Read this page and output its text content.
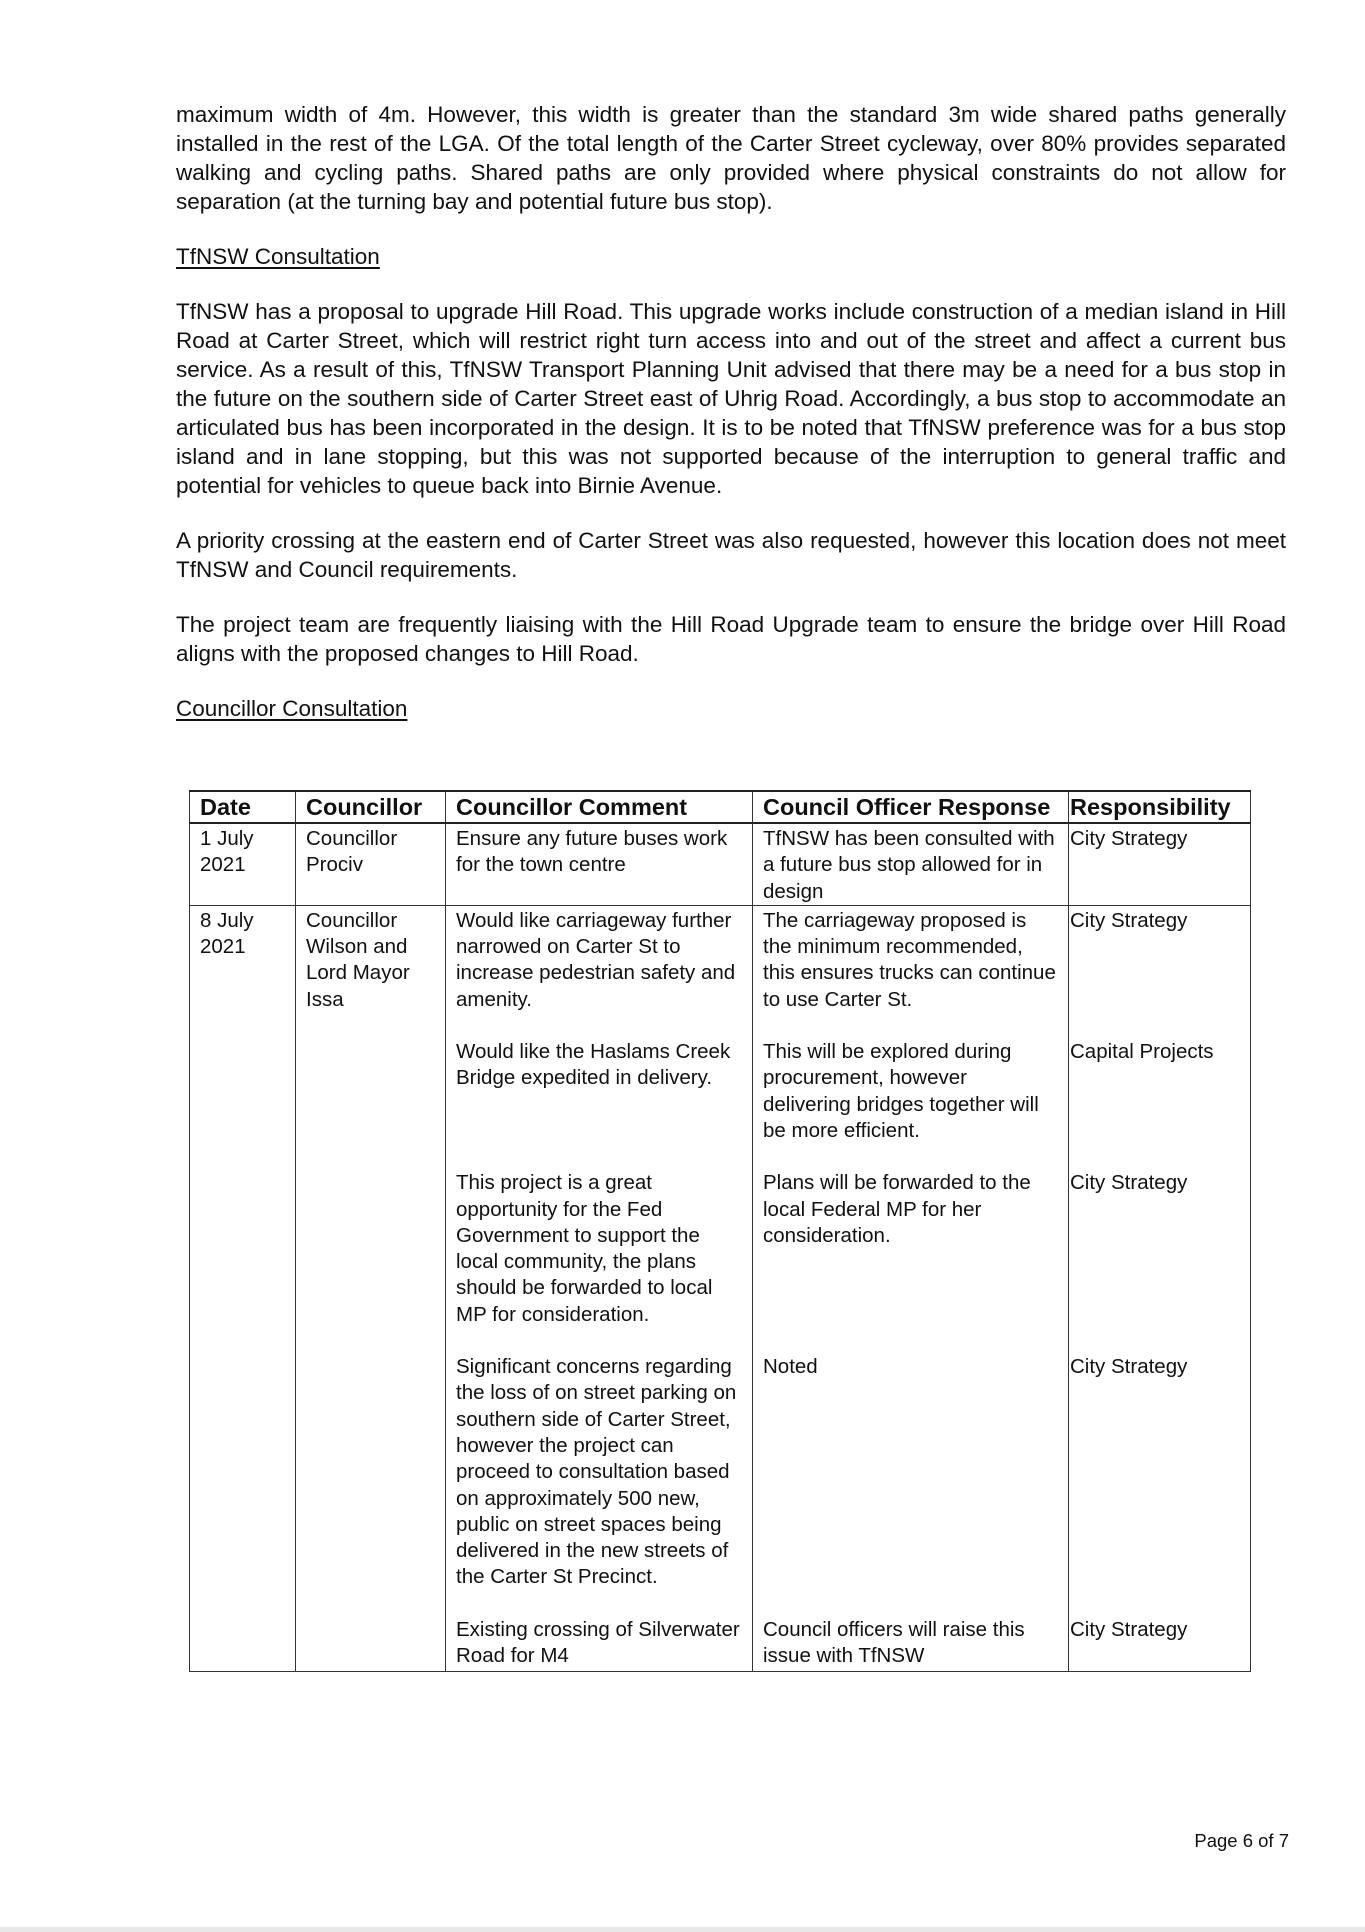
maximum width of 4m. However, this width is greater than the standard 3m wide shared paths generally installed in the rest of the LGA. Of the total length of the Carter Street cycleway, over 80% provides separated walking and cycling paths. Shared paths are only provided where physical constraints do not allow for separation (at the turning bay and potential future bus stop).

TfNSW Consultation

TfNSW has a proposal to upgrade Hill Road. This upgrade works include construction of a median island in Hill Road at Carter Street, which will restrict right turn access into and out of the street and affect a current bus service. As a result of this, TfNSW Transport Planning Unit advised that there may be a need for a bus stop in the future on the southern side of Carter Street east of Uhrig Road. Accordingly, a bus stop to accommodate an articulated bus has been incorporated in the design. It is to be noted that TfNSW preference was for a bus stop island and in lane stopping, but this was not supported because of the interruption to general traffic and potential for vehicles to queue back into Birnie Avenue.

A priority crossing at the eastern end of Carter Street was also requested, however this location does not meet TfNSW and Council requirements.

The project team are frequently liaising with the Hill Road Upgrade team to ensure the bridge over Hill Road aligns with the proposed changes to Hill Road.

Councillor Consultation
Date	Councillor	Councillor Comment	Council Officer Response	Responsibility
1 July 2021	Councillor Prociv	Ensure any future buses work for the town centre	TfNSW has been consulted with a future bus stop allowed for in design	City Strategy
8 July 2021	Councillor Wilson and Lord Mayor Issa	Would like carriageway further narrowed on Carter St to increase pedestrian safety and amenity.	The carriageway proposed is the minimum recommended, this ensures trucks can continue to use Carter St.	City Strategy
		Would like the Haslams Creek Bridge expedited in delivery.	This will be explored during procurement, however delivering bridges together will be more efficient.	Capital Projects
		This project is a great opportunity for the Fed Government to support the local community, the plans should be forwarded to local MP for consideration.	Plans will be forwarded to the local Federal MP for her consideration.	City Strategy
		Significant concerns regarding the loss of on street parking on southern side of Carter Street, however the project can proceed to consultation based on approximately 500 new, public on street spaces being delivered in the new streets of the Carter St Precinct.	Noted	City Strategy
		Existing crossing of Silverwater Road for M4	Council officers will raise this issue with TfNSW	City Strategy
Page 6 of 7
